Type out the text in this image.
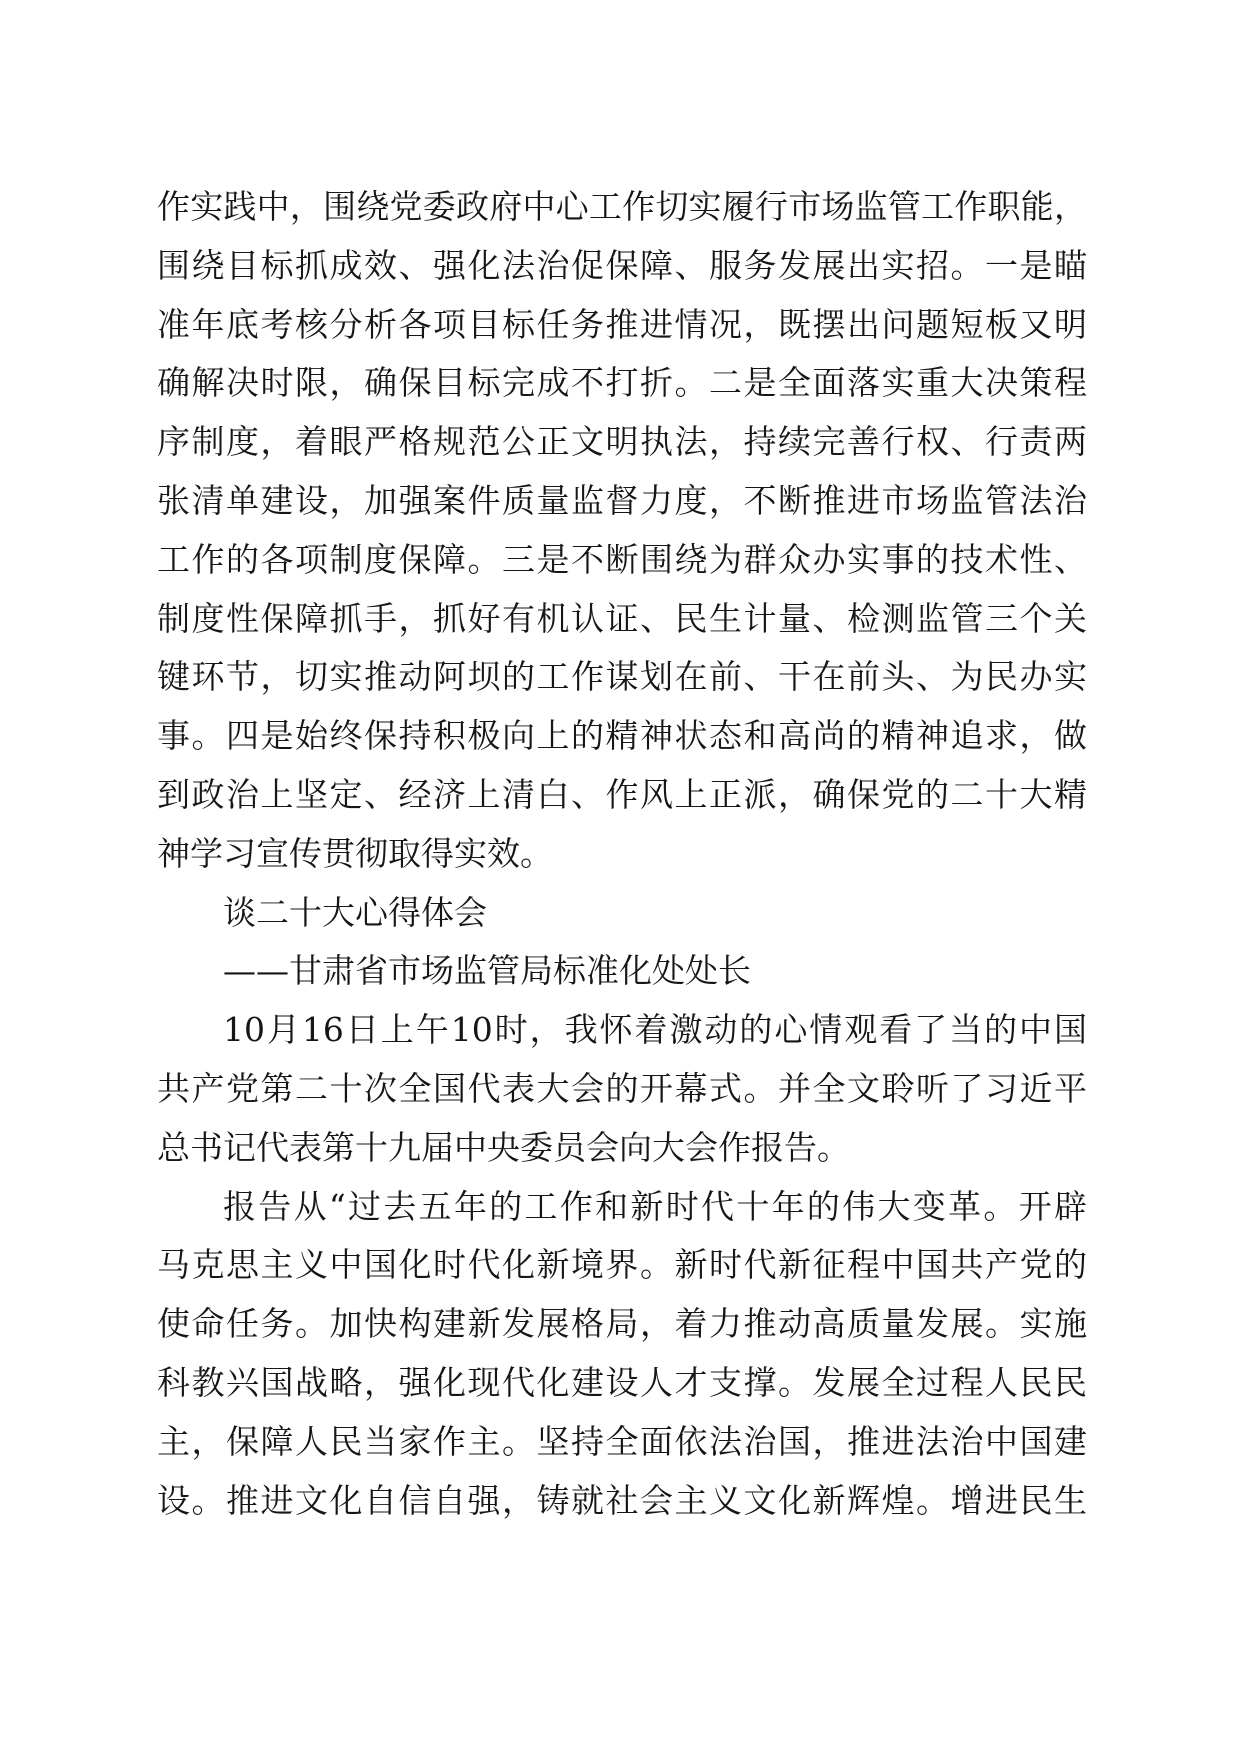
作实践中，围绕党委政府中心工作切实履行市场监管工作职能，
围绕目标抓成效、强化法治促保障、服务发展出实招。一是瞄
准年底考核分析各项目标任务推进情况，既摆出问题短板又明
确解决时限，确保目标完成不打折。二是全面落实重大决策程
序制度，着眼严格规范公正文明执法，持续完善行权、行责两
张清单建设，加强案件质量监督力度，不断推进市场监管法治
工作的各项制度保障。三是不断围绕为群众办实事的技术性、
制度性保障抓手，抓好有机认证、民生计量、检测监管三个关
键环节，切实推动阿坝的工作谋划在前、干在前头、为民办实
事。四是始终保持积极向上的精神状态和高尚的精神追求，做
到政治上坚定、经济上清白、作风上正派，确保党的二十大精
神学习宣传贯彻取得实效。
谈二十大心得体会
——甘肃省市场监管局标准化处处长
10月16日上午10时，我怀着激动的心情观看了当的中国
共产党第二十次全国代表大会的开幕式。并全文聆听了习近平
总书记代表第十九届中央委员会向大会作报告。
报告从“过去五年的工作和新时代十年的伟大变革。开辟
马克思主义中国化时代化新境界。新时代新征程中国共产党的
使命任务。加快构建新发展格局，着力推动高质量发展。实施
科教兴国战略，强化现代化建设人才支撑。发展全过程人民民
主，保障人民当家作主。坚持全面依法治国，推进法治中国建
设。推进文化自信自强，铸就社会主义文化新辉煌。增进民生
